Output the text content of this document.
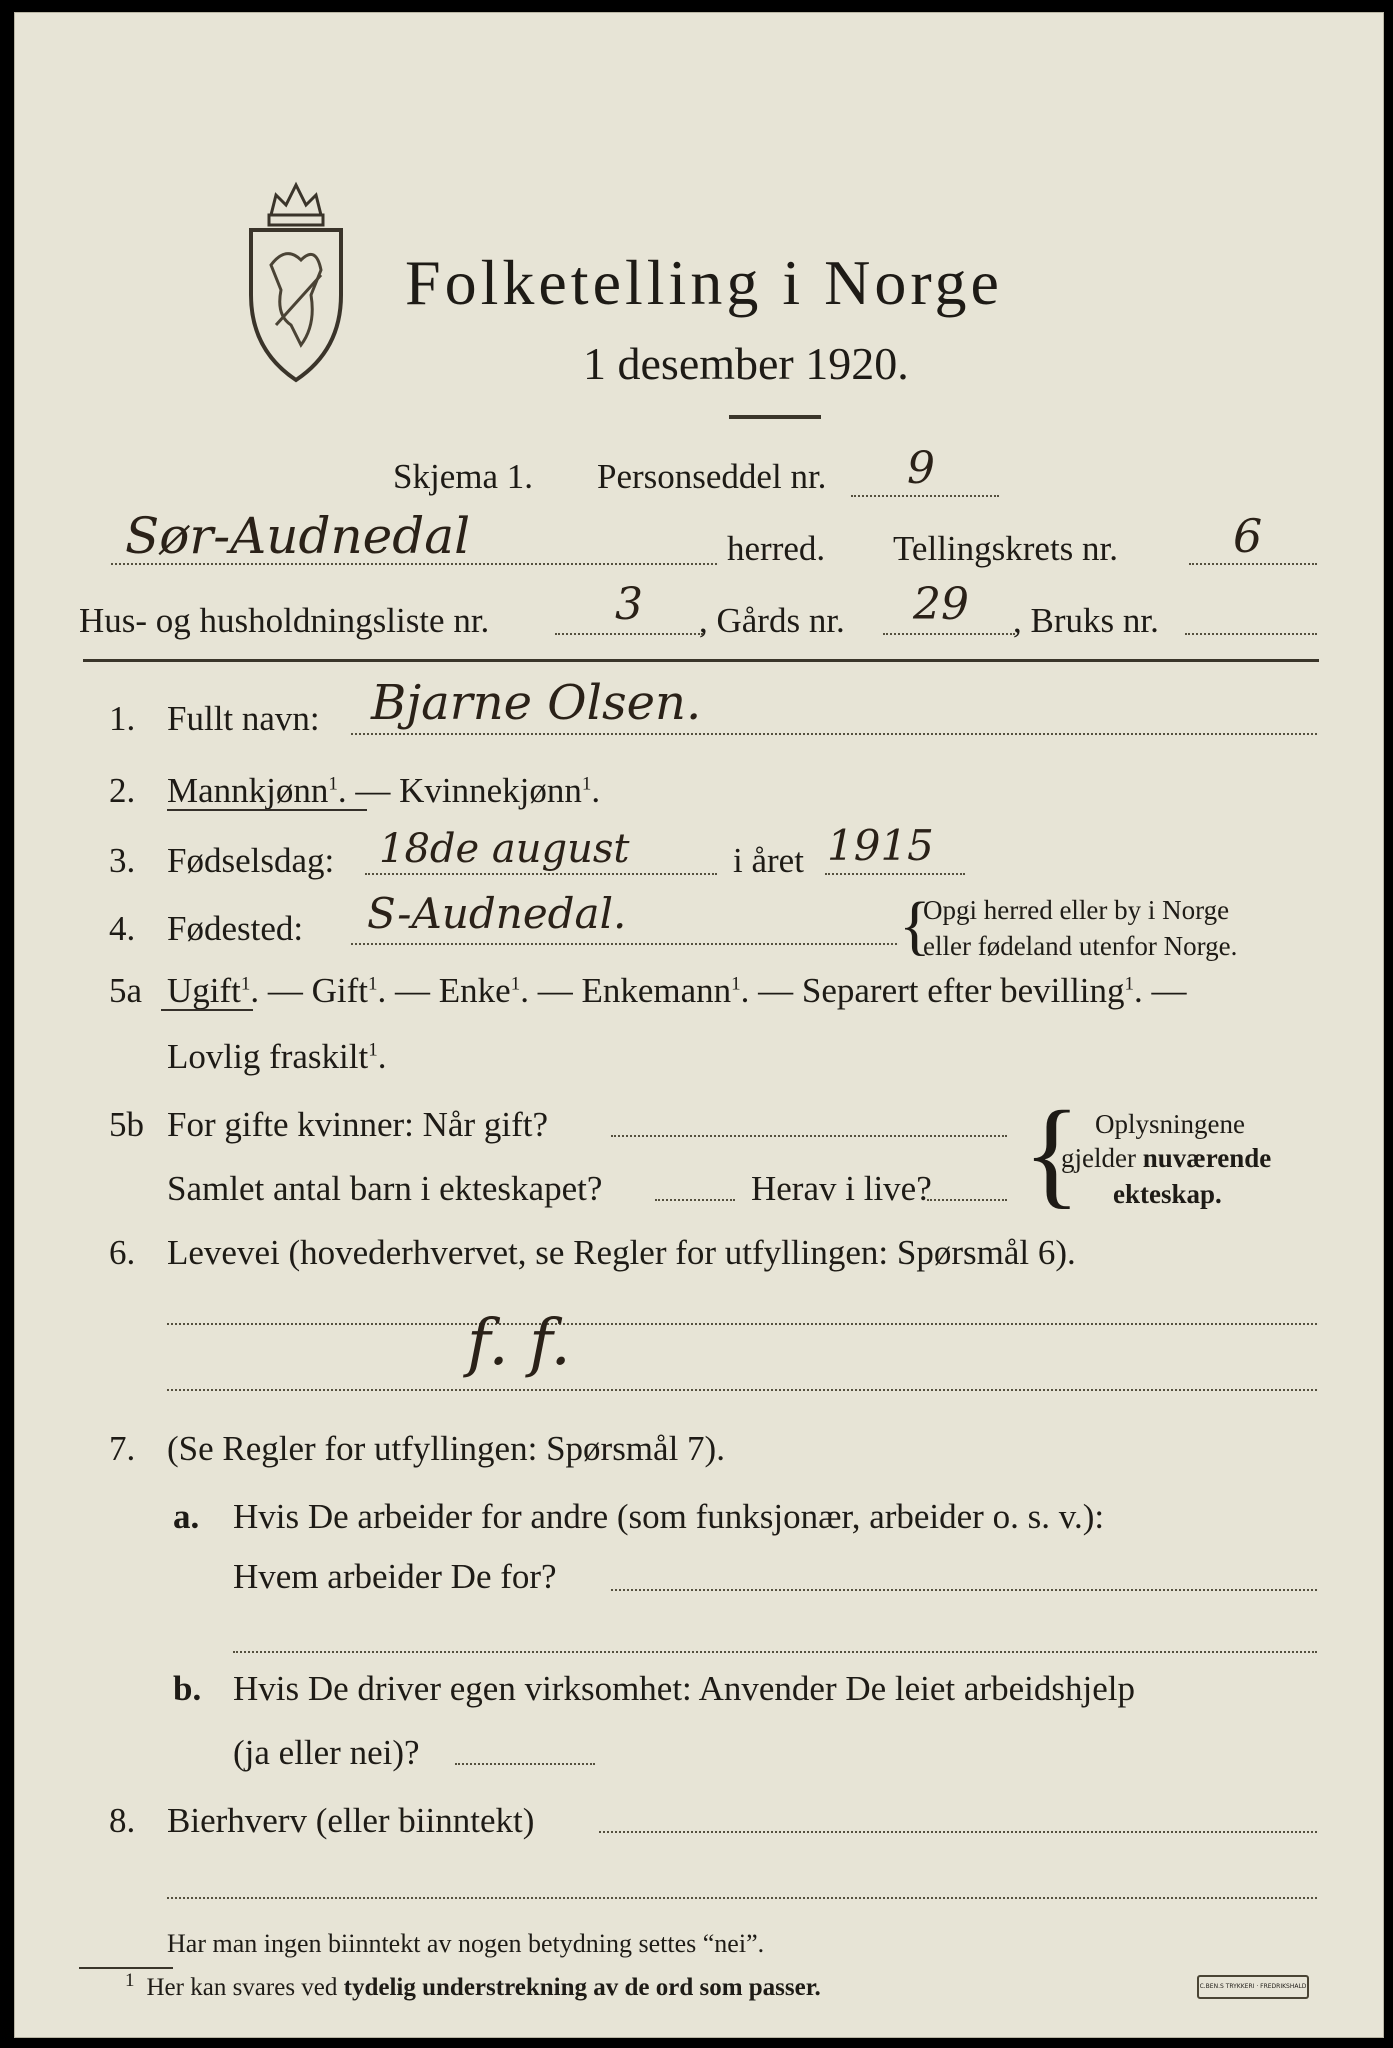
Folketelling i Norge
1 desember 1920.
Skjema 1. Personseddel nr. 9
Sør-Audnedal	herred. Tellingskrets nr. 6
Hus- og husholdningsliste nr.	3 , Gårds nr. 29 , Bruks nr.
1. Fullt navn: Bjarne Olsen.
2. Mannkjønn$^1$. — Kvinnekjønn$^1$.
3. Fødselsdag: 18de august	i året 1915
4. Fødested: S-Audnedal.	{
Opgi herred eller by i Norge
eller fødeland utenfor Norge.
5a Ugift$^1$. — Gift$^1$. — Enke$^1$. — Enkemann$^1$. — Separert efter bevilling$^1$. —
Lovlig fraskilt$^1$.
5b For gifte kvinner: Når gift?
Samlet antal barn i ekteskapet?	Herav i live? { Oplysningene
gjelder nuværende
ekteskap.
6. Levevei (hovederhvervet, se Regler for utfyllingen: Spørsmål 6).
f. f.
7. (Se Regler for utfyllingen: Spørsmål 7).
a. Hvis De arbeider for andre (som funksjonær, arbeider o. s. v.):
Hvem arbeider De for?
b. Hvis De driver egen virksomhet: Anvender De leiet arbeidshjelp
(ja eller nei)?
8. Bierhverv (eller biinntekt)
Har man ingen biinntekt av nogen betydning settes “nei”.
$^1$ Her kan svares ved tydelig understrekning av de ord som passer.	C.BEN.S TRYKKERI · FREDRIKSHALD
